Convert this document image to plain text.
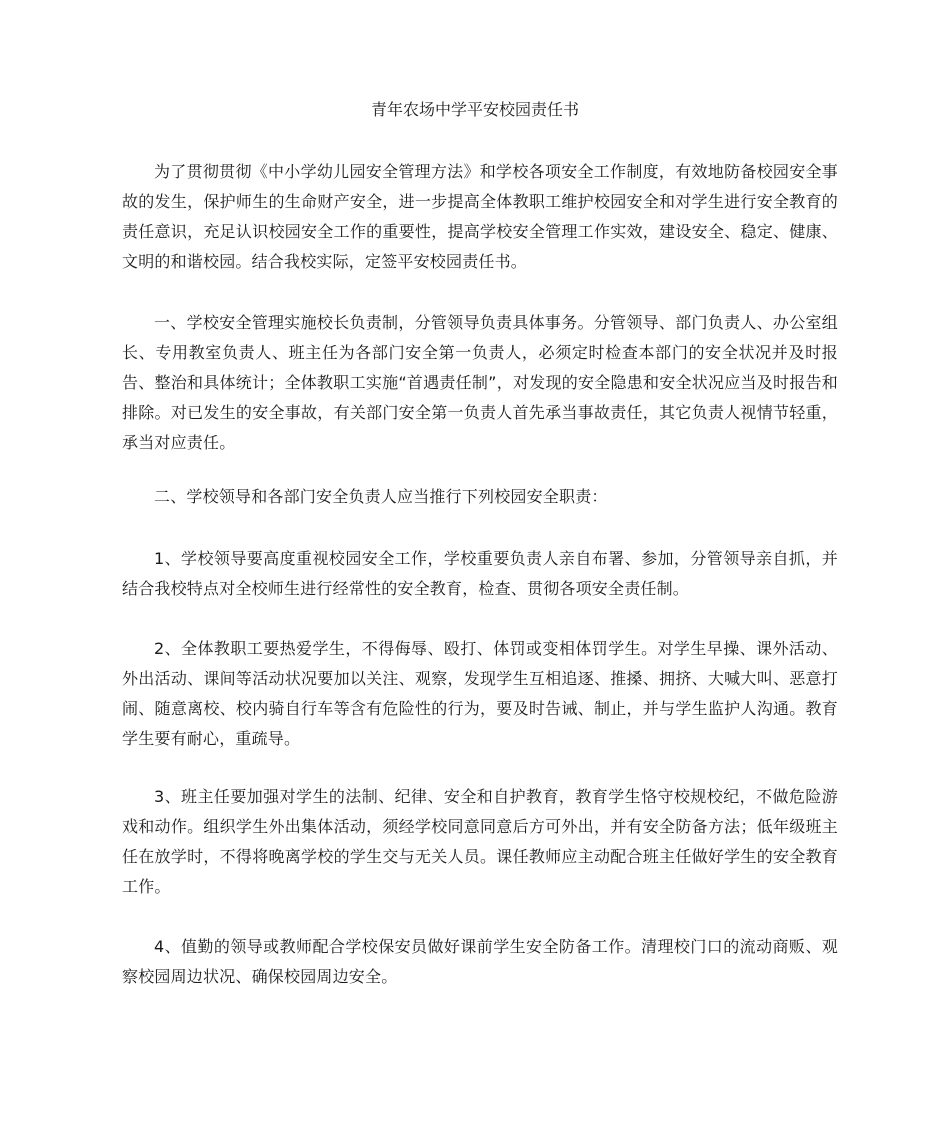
青年农场中学平安校园责任书

为了贯彻贯彻《中小学幼儿园安全管理方法》和学校各项安全工作制度，有效地防备校园安全事故的发生，保护师生的生命财产安全，进一步提高全体教职工维护校园安全和对学生进行安全教育的责任意识，充足认识校园安全工作的重要性，提高学校安全管理工作实效，建设安全、稳定、健康、文明的和谐校园。结合我校实际，定签平安校园责任书。

一、学校安全管理实施校长负责制，分管领导负责具体事务。分管领导、部门负责人、办公室组长、专用教室负责人、班主任为各部门安全第一负责人，必须定时检查本部门的安全状况并及时报告、整治和具体统计；全体教职工实施“首遇责任制”，对发现的安全隐患和安全状况应当及时报告和排除。对已发生的安全事故，有关部门安全第一负责人首先承当事故责任，其它负责人视情节轻重，承当对应责任。

二、学校领导和各部门安全负责人应当推行下列校园安全职责：

1、学校领导要高度重视校园安全工作，学校重要负责人亲自布署、参加，分管领导亲自抓，并结合我校特点对全校师生进行经常性的安全教育，检查、贯彻各项安全责任制。

2、全体教职工要热爱学生，不得侮辱、殴打、体罚或变相体罚学生。对学生早操、课外活动、外出活动、课间等活动状况要加以关注、观察，发现学生互相追逐、推搡、拥挤、大喊大叫、恶意打闹、随意离校、校内骑自行车等含有危险性的行为，要及时告诫、制止，并与学生监护人沟通。教育学生要有耐心，重疏导。

3、班主任要加强对学生的法制、纪律、安全和自护教育，教育学生恪守校规校纪，不做危险游戏和动作。组织学生外出集体活动，须经学校同意同意后方可外出，并有安全防备方法；低年级班主任在放学时，不得将晚离学校的学生交与无关人员。课任教师应主动配合班主任做好学生的安全教育工作。

4、值勤的领导或教师配合学校保安员做好课前学生安全防备工作。清理校门口的流动商贩、观察校园周边状况、确保校园周边安全。
